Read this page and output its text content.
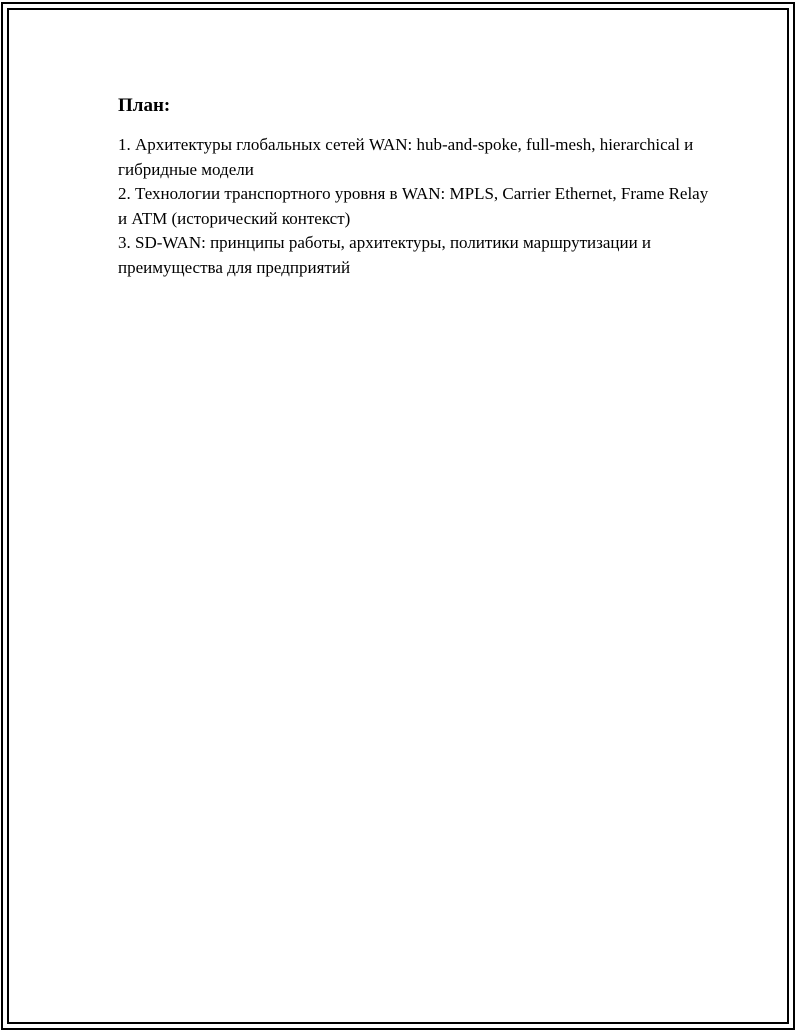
План:
1. Архитектуры глобальных сетей WAN: hub-and-spoke, full-mesh, hierarchical и гибридные модели
2. Технологии транспортного уровня в WAN: MPLS, Carrier Ethernet, Frame Relay и ATM (исторический контекст)
3. SD-WAN: принципы работы, архитектуры, политики маршрутизации и преимущества для предприятий
